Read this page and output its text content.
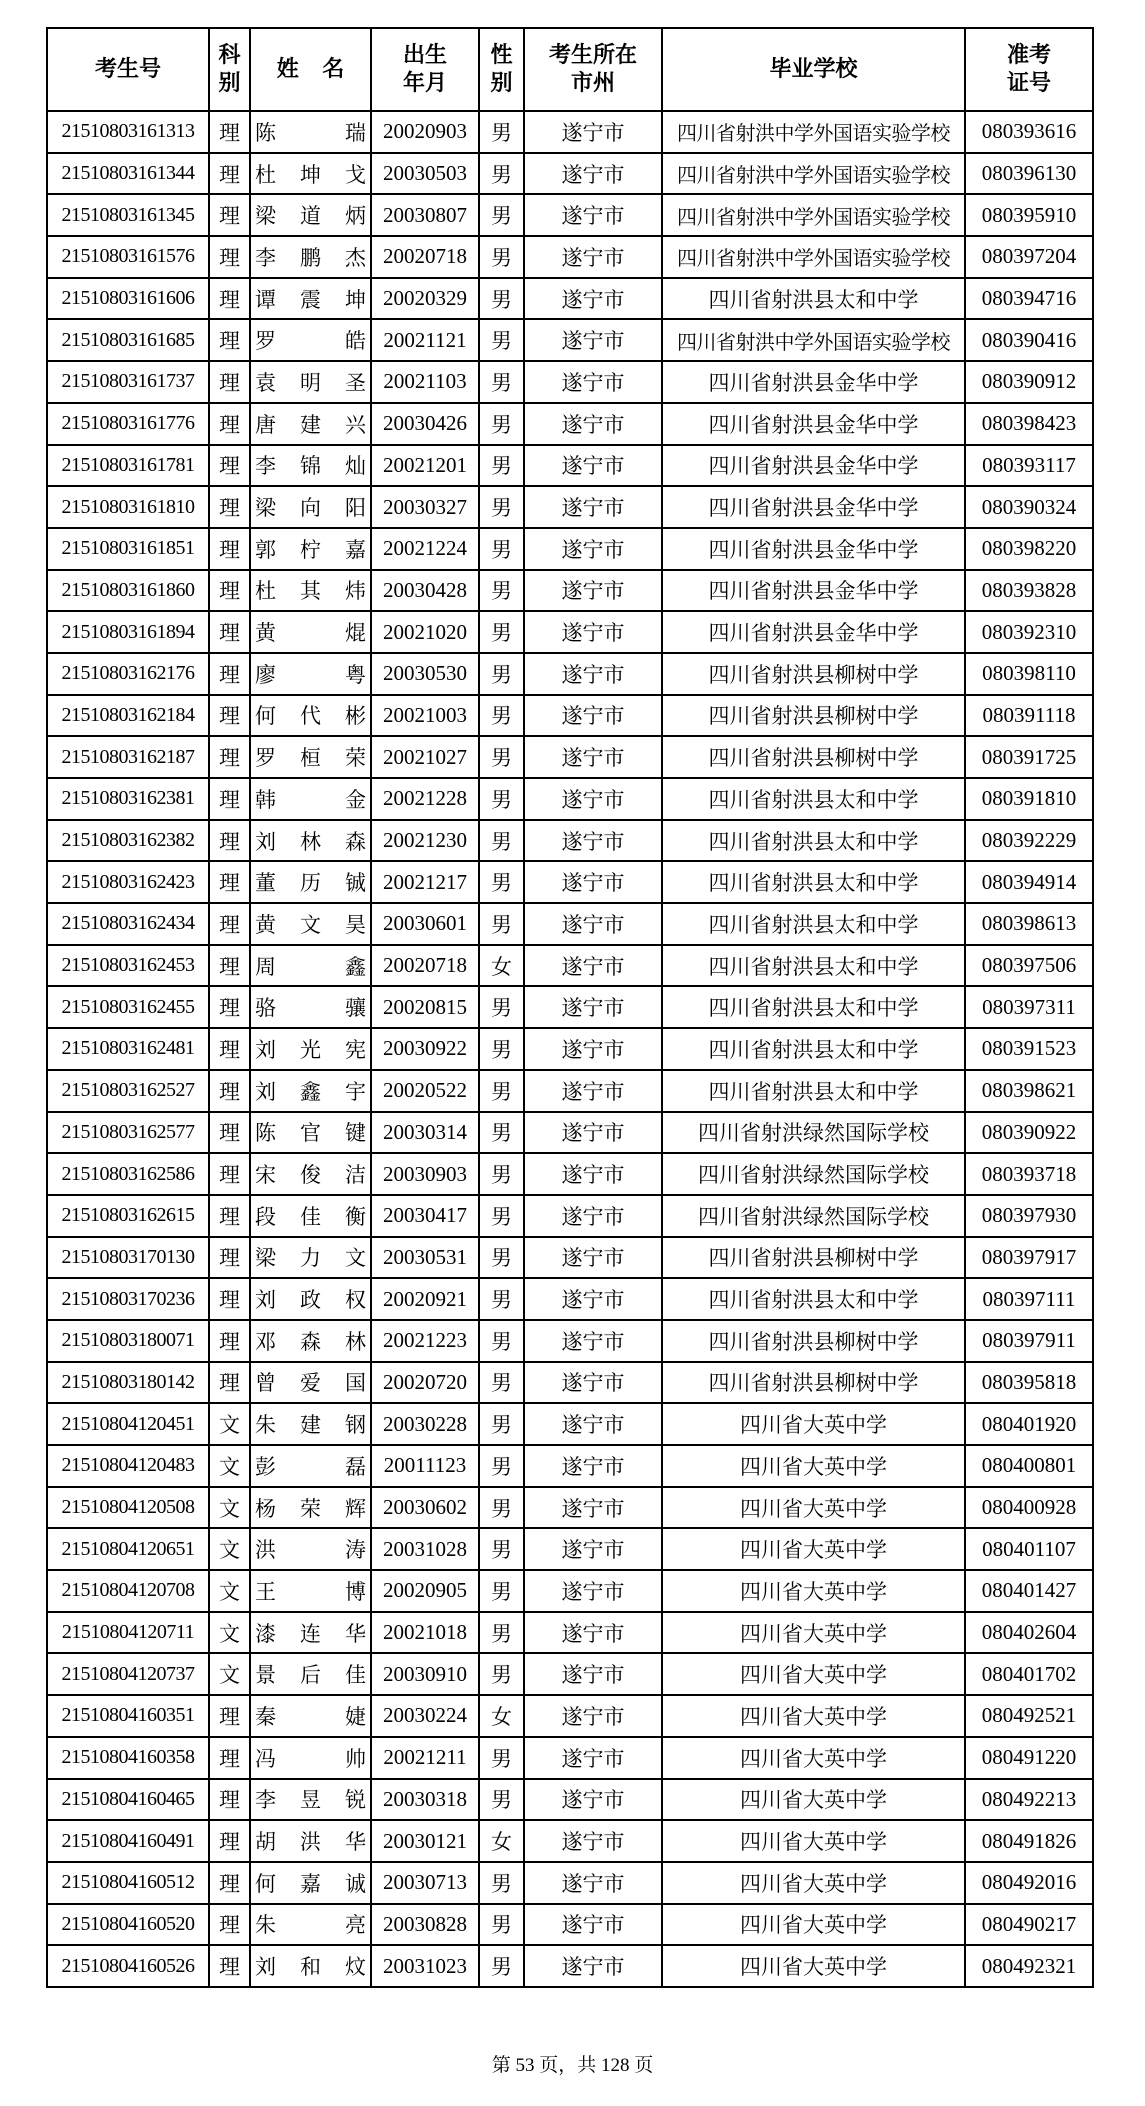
考生号	科别	姓 名	出生年月	性别	考生所在市州	毕业学校	准考证号
21510803161313	理	陈瑞	20020903	男	遂宁市	四川省射洪中学外国语实验学校	080393616
21510803161344	理	杜坤戈	20030503	男	遂宁市	四川省射洪中学外国语实验学校	080396130
21510803161345	理	梁道炳	20030807	男	遂宁市	四川省射洪中学外国语实验学校	080395910
21510803161576	理	李鹏杰	20020718	男	遂宁市	四川省射洪中学外国语实验学校	080397204
21510803161606	理	谭震坤	20020329	男	遂宁市	四川省射洪县太和中学	080394716
21510803161685	理	罗皓	20021121	男	遂宁市	四川省射洪中学外国语实验学校	080390416
21510803161737	理	袁明圣	20021103	男	遂宁市	四川省射洪县金华中学	080390912
21510803161776	理	唐建兴	20030426	男	遂宁市	四川省射洪县金华中学	080398423
21510803161781	理	李锦灿	20021201	男	遂宁市	四川省射洪县金华中学	080393117
21510803161810	理	梁向阳	20030327	男	遂宁市	四川省射洪县金华中学	080390324
21510803161851	理	郭柠嘉	20021224	男	遂宁市	四川省射洪县金华中学	080398220
21510803161860	理	杜其炜	20030428	男	遂宁市	四川省射洪县金华中学	080393828
21510803161894	理	黄焜	20021020	男	遂宁市	四川省射洪县金华中学	080392310
21510803162176	理	廖粤	20030530	男	遂宁市	四川省射洪县柳树中学	080398110
21510803162184	理	何代彬	20021003	男	遂宁市	四川省射洪县柳树中学	080391118
21510803162187	理	罗桓荣	20021027	男	遂宁市	四川省射洪县柳树中学	080391725
21510803162381	理	韩金	20021228	男	遂宁市	四川省射洪县太和中学	080391810
21510803162382	理	刘林森	20021230	男	遂宁市	四川省射洪县太和中学	080392229
21510803162423	理	董历铖	20021217	男	遂宁市	四川省射洪县太和中学	080394914
21510803162434	理	黄文昊	20030601	男	遂宁市	四川省射洪县太和中学	080398613
21510803162453	理	周鑫	20020718	女	遂宁市	四川省射洪县太和中学	080397506
21510803162455	理	骆骧	20020815	男	遂宁市	四川省射洪县太和中学	080397311
21510803162481	理	刘光宪	20030922	男	遂宁市	四川省射洪县太和中学	080391523
21510803162527	理	刘鑫宇	20020522	男	遂宁市	四川省射洪县太和中学	080398621
21510803162577	理	陈官键	20030314	男	遂宁市	四川省射洪绿然国际学校	080390922
21510803162586	理	宋俊洁	20030903	男	遂宁市	四川省射洪绿然国际学校	080393718
21510803162615	理	段佳衡	20030417	男	遂宁市	四川省射洪绿然国际学校	080397930
21510803170130	理	梁力文	20030531	男	遂宁市	四川省射洪县柳树中学	080397917
21510803170236	理	刘政权	20020921	男	遂宁市	四川省射洪县太和中学	080397111
21510803180071	理	邓森林	20021223	男	遂宁市	四川省射洪县柳树中学	080397911
21510803180142	理	曾爱国	20020720	男	遂宁市	四川省射洪县柳树中学	080395818
21510804120451	文	朱建钢	20030228	男	遂宁市	四川省大英中学	080401920
21510804120483	文	彭磊	20011123	男	遂宁市	四川省大英中学	080400801
21510804120508	文	杨荣辉	20030602	男	遂宁市	四川省大英中学	080400928
21510804120651	文	洪涛	20031028	男	遂宁市	四川省大英中学	080401107
21510804120708	文	王博	20020905	男	遂宁市	四川省大英中学	080401427
21510804120711	文	漆连华	20021018	男	遂宁市	四川省大英中学	080402604
21510804120737	文	景后佳	20030910	男	遂宁市	四川省大英中学	080401702
21510804160351	理	秦婕	20030224	女	遂宁市	四川省大英中学	080492521
21510804160358	理	冯帅	20021211	男	遂宁市	四川省大英中学	080491220
21510804160465	理	李昱锐	20030318	男	遂宁市	四川省大英中学	080492213
21510804160491	理	胡洪华	20030121	女	遂宁市	四川省大英中学	080491826
21510804160512	理	何嘉诚	20030713	男	遂宁市	四川省大英中学	080492016
21510804160520	理	朱亮	20030828	男	遂宁市	四川省大英中学	080490217
21510804160526	理	刘和炆	20031023	男	遂宁市	四川省大英中学	080492321
第 53 页，共 128 页
